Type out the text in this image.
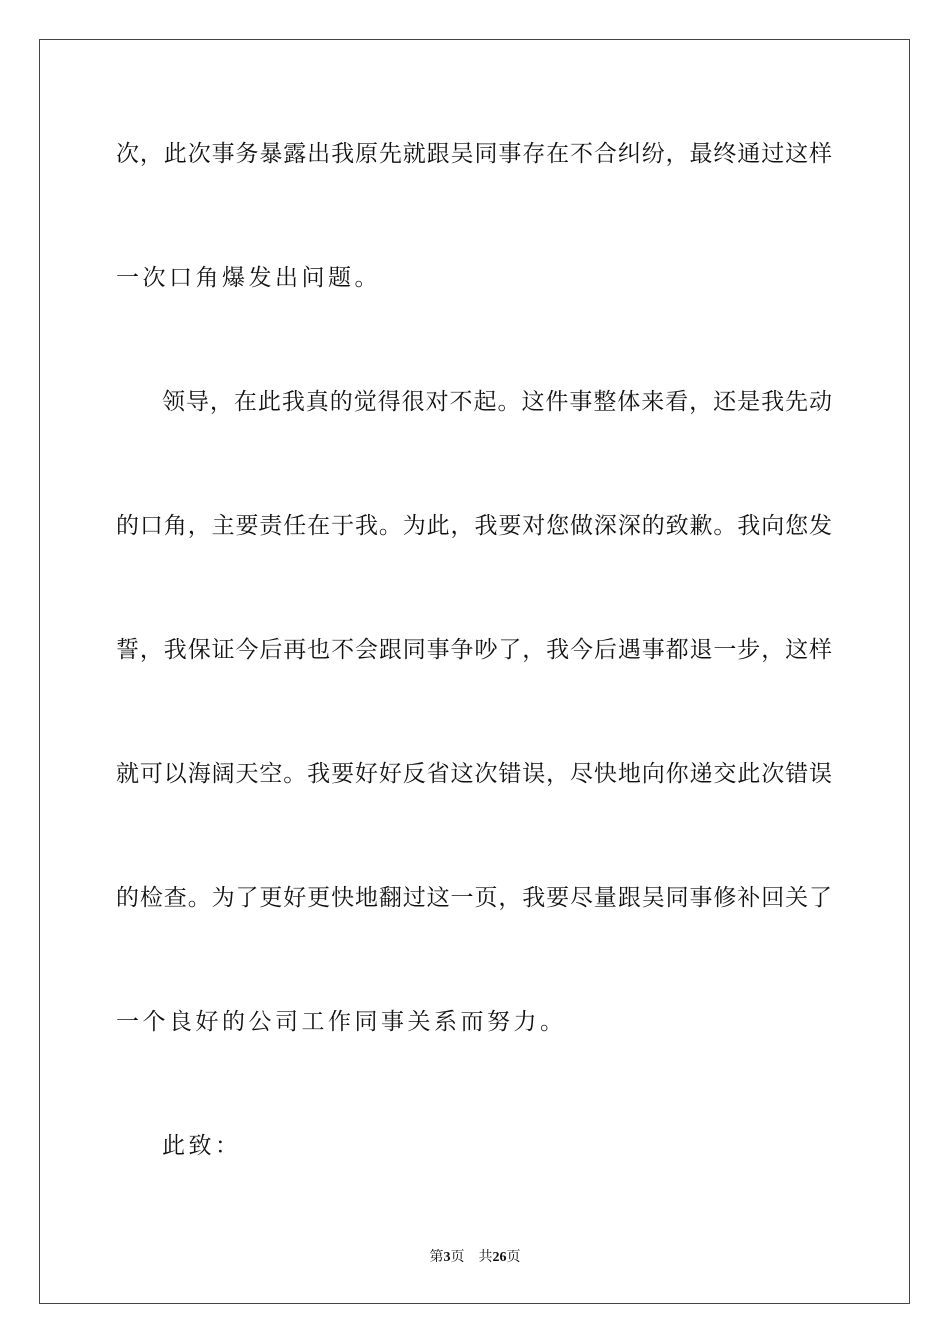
次，此次事务暴露出我原先就跟吴同事存在不合纠纷，最终通过这样
一次口角爆发出问题。
领导，在此我真的觉得很对不起。这件事整体来看，还是我先动
的口角，主要责任在于我。为此，我要对您做深深的致歉。我向您发
誓，我保证今后再也不会跟同事争吵了，我今后遇事都退一步，这样
就可以海阔天空。我要好好反省这次错误，尽快地向你递交此次错误
的检查。为了更好更快地翻过这一页，我要尽量跟吴同事修补回关了
一个良好的公司工作同事关系而努力。
此致：
第3页 共26页
